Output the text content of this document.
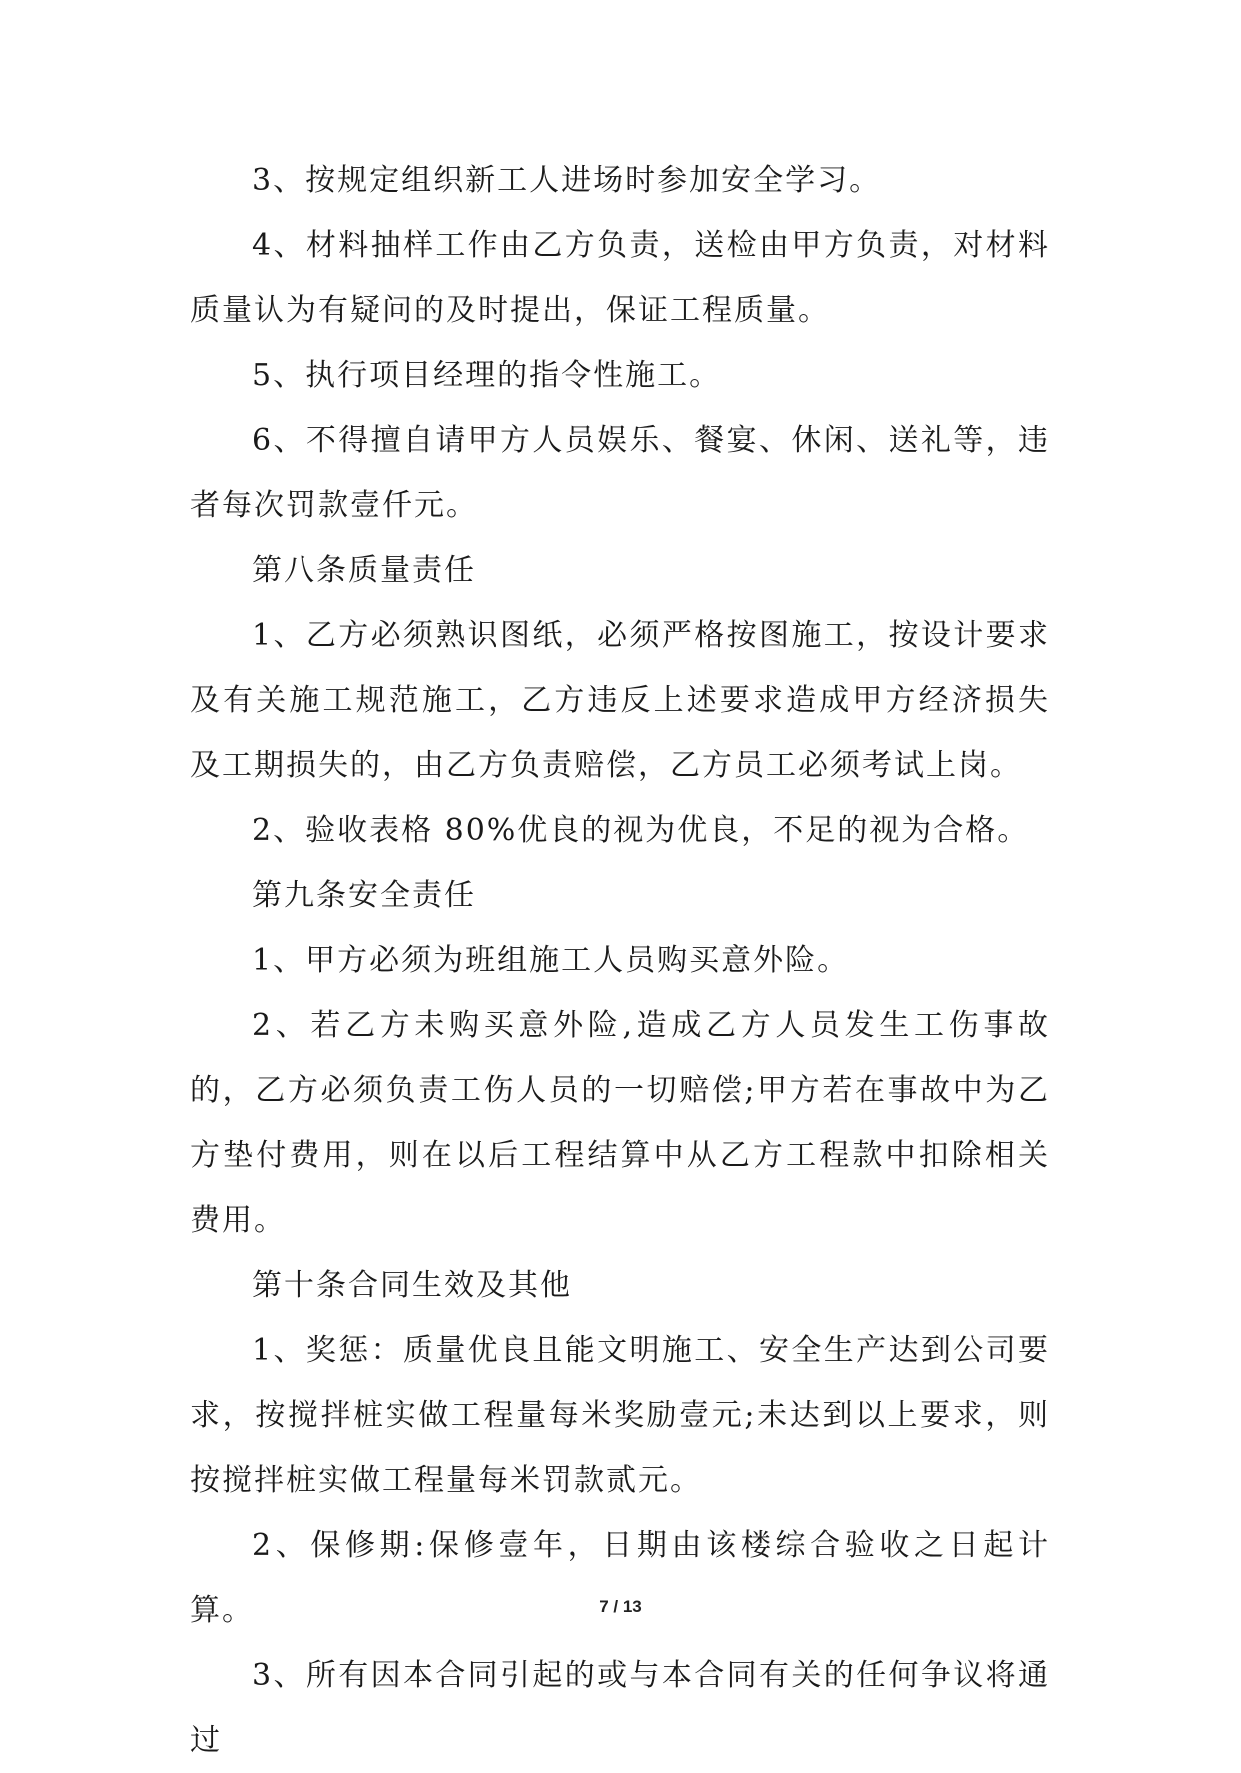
3、按规定组织新工人进场时参加安全学习。

4、材料抽样工作由乙方负责，送检由甲方负责，对材料质量认为有疑问的及时提出，保证工程质量。

5、执行项目经理的指令性施工。

6、不得擅自请甲方人员娱乐、餐宴、休闲、送礼等，违者每次罚款壹仟元。

第八条质量责任

1、乙方必须熟识图纸，必须严格按图施工，按设计要求及有关施工规范施工，乙方违反上述要求造成甲方经济损失及工期损失的，由乙方负责赔偿，乙方员工必须考试上岗。

2、验收表格 80%优良的视为优良，不足的视为合格。

第九条安全责任

1、甲方必须为班组施工人员购买意外险。

2、若乙方未购买意外险,造成乙方人员发生工伤事故的，乙方必须负责工伤人员的一切赔偿;甲方若在事故中为乙方垫付费用，则在以后工程结算中从乙方工程款中扣除相关费用。

第十条合同生效及其他

1、奖惩：质量优良且能文明施工、安全生产达到公司要求，按搅拌桩实做工程量每米奖励壹元;未达到以上要求，则按搅拌桩实做工程量每米罚款贰元。

2、保修期:保修壹年，日期由该楼综合验收之日起计算。

3、所有因本合同引起的或与本合同有关的任何争议将通过

7 / 13
